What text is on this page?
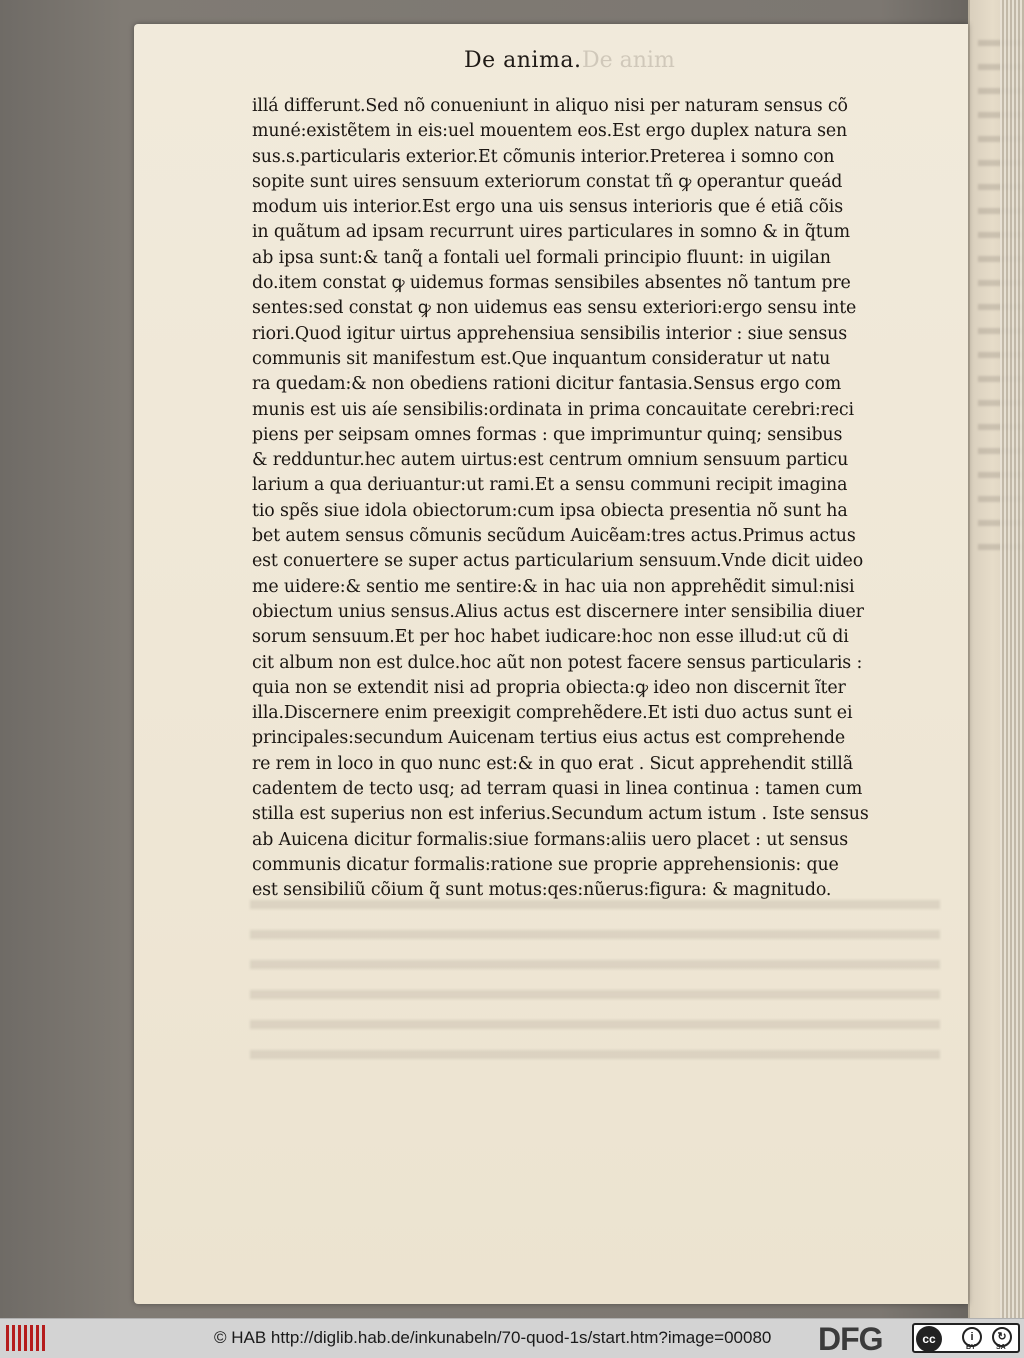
De anima. De anim
illá differunt.Sed nõ conueniunt in aliquo nisi per naturam sensus cõ
muné:existẽtem in eis:uel mouentem eos.Est ergo duplex natura sen
sus.s.particularis exterior.Et cõmunis interior.Preterea i somno con
sopite sunt uires sensuum exteriorum constat tñ ꝙ operantur queád
modum uis interior.Est ergo una uis sensus interioris que é etiã cõis
in quãtum ad ipsam recurrunt uires particulares in somno & in q̃tum
ab ipsa sunt:& tanq̃ a fontali uel formali principio fluunt: in uigilan
do.item constat ꝙ uidemus formas sensibiles absentes nõ tantum pre
sentes:sed constat ꝙ non uidemus eas sensu exteriori:ergo sensu inte
riori.Quod igitur uirtus apprehensiua sensibilis interior : siue sensus
communis sit manifestum est.Que inquantum consideratur ut natu
ra quedam:& non obediens rationi dicitur fantasia.Sensus ergo com
munis est uis aíe sensibilis:ordinata in prima concauitate cerebri:reci
piens per seipsam omnes formas : que imprimuntur quinq; sensibus
& redduntur.hec autem uirtus:est centrum omnium sensuum particu
larium a qua deriuantur:ut rami.Et a sensu communi recipit imagina
tio spẽs siue idola obiectorum:cum ipsa obiecta presentia nõ sunt ha
bet autem sensus cõmunis secũdum Auicẽam:tres actus.Primus actus
est conuertere se super actus particularium sensuum.Vnde dicit uideo
me uidere:& sentio me sentire:& in hac uia non apprehẽdit simul:nisi
obiectum unius sensus.Alius actus est discernere inter sensibilia diuer
sorum sensuum.Et per hoc habet iudicare:hoc non esse illud:ut cũ di
cit album non est dulce.hoc aũt non potest facere sensus particularis :
quia non se extendit nisi ad propria obiecta:ꝙ ideo non discernit ĩter
illa.Discernere enim preexigit comprehẽdere.Et isti duo actus sunt ei
principales:secundum Auicenam tertius eius actus est comprehende
re rem in loco in quo nunc est:& in quo erat . Sicut apprehendit stillã
cadentem de tecto usq; ad terram quasi in linea continua : tamen cum
stilla est superius non est inferius.Secundum actum istum . Iste sensus
ab Auicena dicitur formalis:siue formans:aliis uero placet : ut sensus
communis dicatur formalis:ratione sue proprie apprehensionis: que
est sensibiliũ cõium q̃ sunt motus:qes:nũerus:figura: & magnitudo.
© HAB http://diglib.hab.de/inkunabeln/70-quod-1s/start.htm?image=00080 DFG	cc	i	↻
BY	SA
